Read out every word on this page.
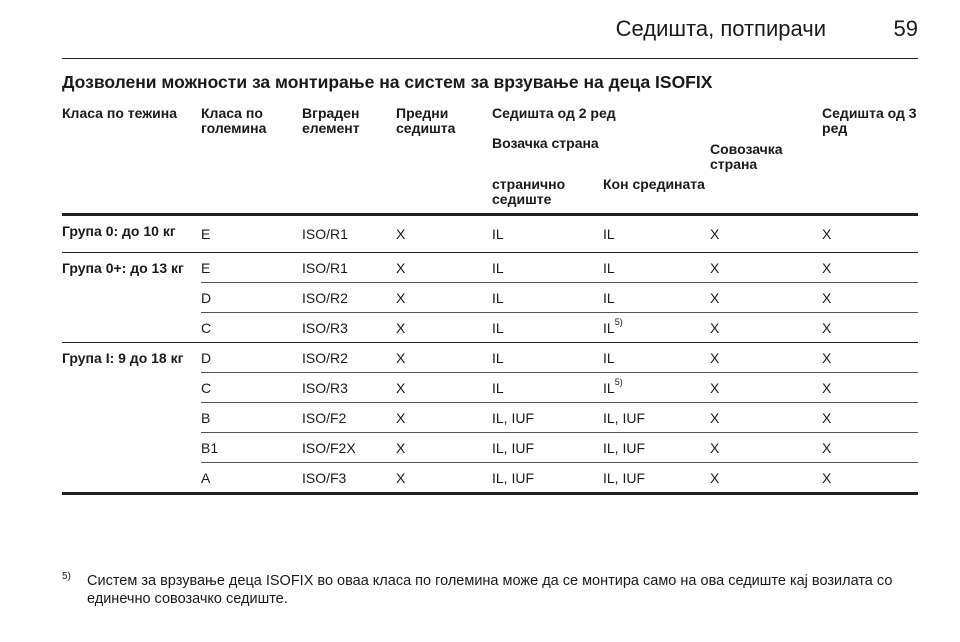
Седишта, потпирачи	59
Дозволени можности за монтирање на систем за врзување на деца ISOFIX
Класа по тежина	Класа по големина	Вграден елемент	Предни седишта	Седишта од 2 ред			Седишта од 3 ред
				Возачка страна		Совозачка страна	
				странично седиште	Кон средината		
Група 0: до 10 кг	E	ISO/R1	X	IL	IL	X	X
Група 0+: до 13 кг	E	ISO/R1	X	IL	IL	X	X
	D	ISO/R2	X	IL	IL	X	X
	C	ISO/R3	X	IL	IL$^{5)}$	X	X
Група I: 9 до 18 кг	D	ISO/R2	X	IL	IL	X	X
	C	ISO/R3	X	IL	IL$^{5)}$	X	X
	B	ISO/F2	X	IL, IUF	IL, IUF	X	X
	B1	ISO/F2X	X	IL, IUF	IL, IUF	X	X
	A	ISO/F3	X	IL, IUF	IL, IUF	X	X
5) Систем за врзување деца ISOFIX во оваа класа по големина може да се монтира само на ова седиште кај возилата со единечно совозачко седиште.
